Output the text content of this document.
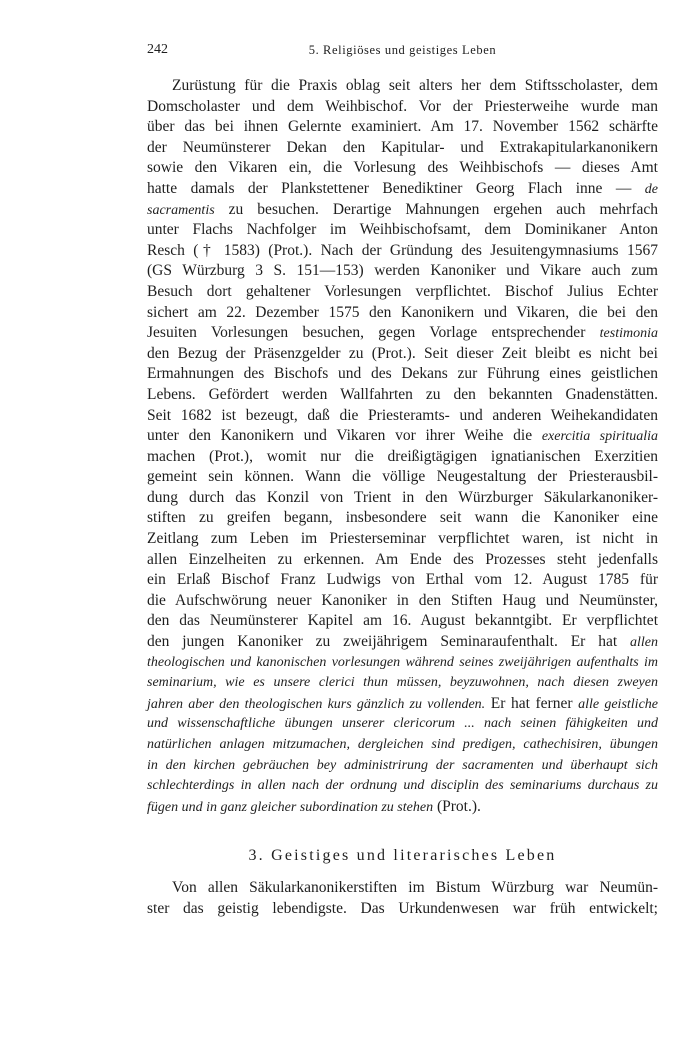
242	5. Religiöses und geistiges Leben
Zurüstung für die Praxis oblag seit alters her dem Stiftsscholaster, dem
Domscholaster und dem Weihbischof. Vor der Priesterweihe wurde man
über das bei ihnen Gelernte examiniert. Am 17. November 1562 schärfte
der Neumünsterer Dekan den Kapitular- und Extrakapitularkanonikern
sowie den Vikaren ein, die Vorlesung des Weihbischofs — dieses Amt
hatte damals der Plankstettener Benediktiner Georg Flach inne — de
sacramentis zu besuchen. Derartige Mahnungen ergehen auch mehrfach
unter Flachs Nachfolger im Weihbischofsamt, dem Dominikaner Anton
Resch († 1583) (Prot.). Nach der Gründung des Jesuitengymnasiums 1567
(GS Würzburg 3 S. 151—153) werden Kanoniker und Vikare auch zum
Besuch dort gehaltener Vorlesungen verpflichtet. Bischof Julius Echter
sichert am 22. Dezember 1575 den Kanonikern und Vikaren, die bei den
Jesuiten Vorlesungen besuchen, gegen Vorlage entsprechender testimonia
den Bezug der Präsenzgelder zu (Prot.). Seit dieser Zeit bleibt es nicht bei
Ermahnungen des Bischofs und des Dekans zur Führung eines geistlichen
Lebens. Gefördert werden Wallfahrten zu den bekannten Gnadenstätten.
Seit 1682 ist bezeugt, daß die Priesteramts- und anderen Weihekandidaten
unter den Kanonikern und Vikaren vor ihrer Weihe die exercitia spiritualia
machen (Prot.), womit nur die dreißigtägigen ignatianischen Exerzitien
gemeint sein können. Wann die völlige Neugestaltung der Priesterausbil-
dung durch das Konzil von Trient in den Würzburger Säkularkanoniker-
stiften zu greifen begann, insbesondere seit wann die Kanoniker eine
Zeitlang zum Leben im Priesterseminar verpflichtet waren, ist nicht in
allen Einzelheiten zu erkennen. Am Ende des Prozesses steht jedenfalls
ein Erlaß Bischof Franz Ludwigs von Erthal vom 12. August 1785 für
die Aufschwörung neuer Kanoniker in den Stiften Haug und Neumünster,
den das Neumünsterer Kapitel am 16. August bekanntgibt. Er verpflichtet
den jungen Kanoniker zu zweijährigem Seminaraufenthalt. Er hat allen
theologischen und kanonischen vorlesungen während seines zweijährigen aufenthalts im
seminarium, wie es unsere clerici thun müssen, beyzuwohnen, nach diesen zweyen
jahren aber den theologischen kurs gänzlich zu vollenden. Er hat ferner alle geistliche
und wissenschaftliche übungen unserer clericorum ... nach seinen fähigkeiten und
natürlichen anlagen mitzumachen, dergleichen sind predigen, cathechisiren, übungen
in den kirchen gebräuchen bey administrirung der sacramenten und überhaupt sich
schlechterdings in allen nach der ordnung und disciplin des seminariums durchaus zu
fügen und in ganz gleicher subordination zu stehen (Prot.).
3. Geistiges und literarisches Leben
Von allen Säkularkanonikerstiften im Bistum Würzburg war Neumün-
ster das geistig lebendigste. Das Urkundenwesen war früh entwickelt;
